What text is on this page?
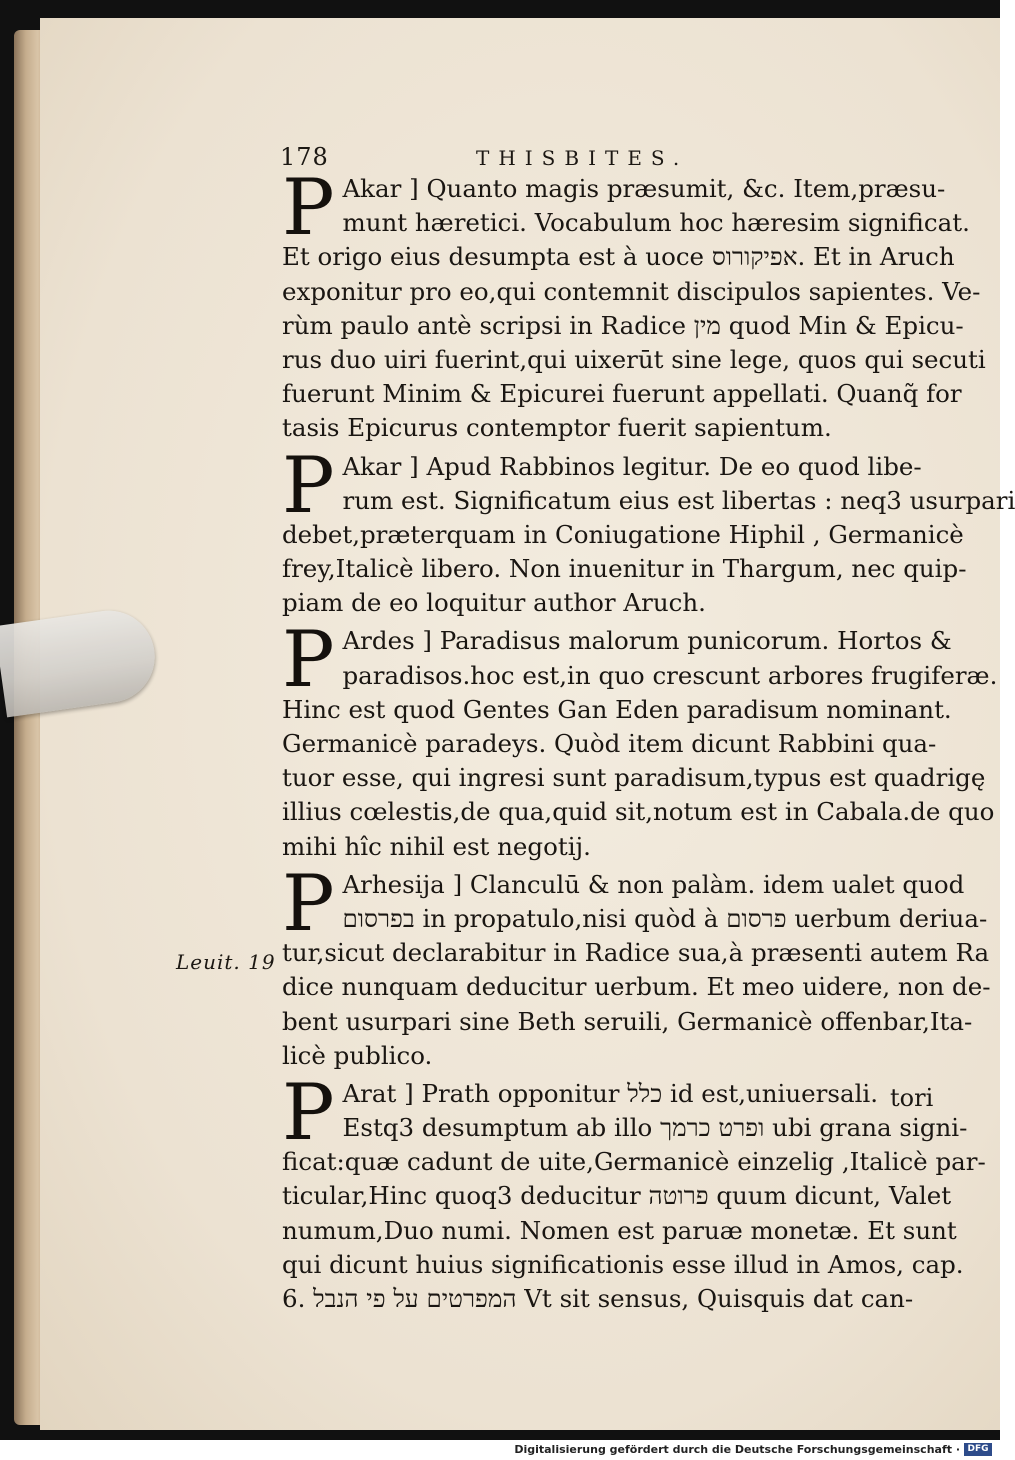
178	THISBITES.
P Akar ] Quanto magis præsumit, &c. Item,præsu-
munt hæretici. Vocabulum hoc hæresim significat.
Et origo eius desumpta est à uoce אפיקורוס. Et in Aruch
exponitur pro eo,qui contemnit discipulos sapientes. Ve-
rùm paulo antè scripsi in Radice מין quod Min & Epicu-
rus duo uiri fuerint,qui uixerūt sine lege, quos qui secuti
fuerunt Minim & Epicurei fuerunt appellati. Quanq̃ for
tasis Epicurus contemptor fuerit sapientum.
P Akar ] Apud Rabbinos legitur. De eo quod libe-
rum est. Significatum eius est libertas : neq3 usurpari
debet,præterquam in Coniugatione Hiphil , Germanicè
frey,Italicè libero. Non inuenitur in Thargum, nec quip-
piam de eo loquitur author Aruch.
P Ardes ] Paradisus malorum punicorum. Hortos &
paradisos.hoc est,in quo crescunt arbores frugiferæ.
Hinc est quod Gentes Gan Eden paradisum nominant.
Germanicè paradeys. Quòd item dicunt Rabbini qua-
tuor esse, qui ingresi sunt paradisum,typus est quadrigę
illius cœlestis,de qua,quid sit,notum est in Cabala.de quo
mihi hîc nihil est negotij.
P Arhesija ] Clanculū & non palàm. idem ualet quod
בפרסום in propatulo,nisi quòd à פרסום uerbum deriua-
tur,sicut declarabitur in Radice sua,à præsenti autem Ra
dice nunquam deducitur uerbum. Et meo uidere, non de-
bent usurpari sine Beth seruili, Germanicè offenbar,Ita-
licè publico.
P Arat ] Prath opponitur כלל id est,uniuersali.
Estq3 desumptum ab illo ופרט כרמך ubi grana signi-
ficat:quæ cadunt de uite,Germanicè einzelig ,Italicè par-
ticular,Hinc quoq3 deducitur פרוטה quum dicunt, Valet
numum,Duo numi. Nomen est paruæ monetæ. Et sunt
qui dicunt huius significationis esse illud in Amos, cap.
6. המפרטים על פי הנבל Vt sit sensus, Quisquis dat can-
Leuit. 19
tori
Digitalisierung gefördert durch die Deutsche Forschungsgemeinschaft · DFG
